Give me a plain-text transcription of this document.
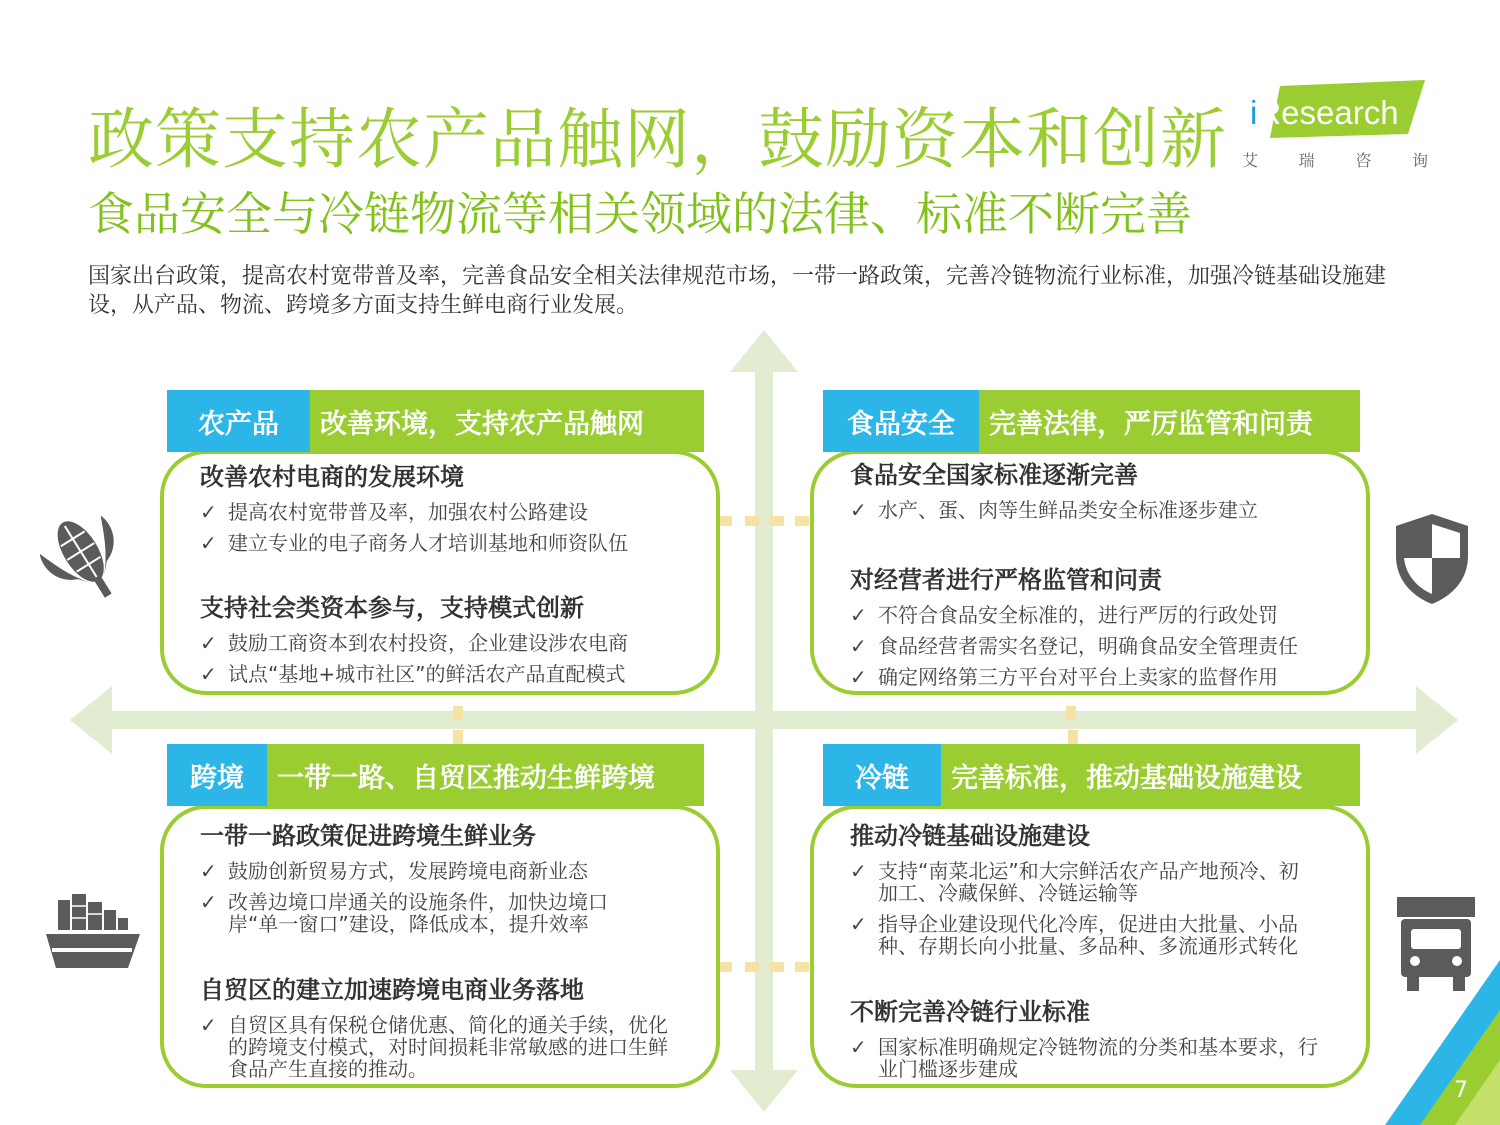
政策支持农产品触网，鼓励资本和创新
食品安全与冷链物流等相关领域的法律、标准不断完善
国家出台政策，提高农村宽带普及率，完善食品安全相关法律规范市场，一带一路政策，完善冷链物流行业标准，加强冷链基础设施建设，从产品、物流、跨境多方面支持生鲜电商行业发展。
iResearch
艾	瑞	咨	询
农产品	改善环境，支持农产品触网
改善农村电商的发展环境
✓ 提高农村宽带普及率，加强农村公路建设
✓ 建立专业的电子商务人才培训基地和师资队伍
支持社会类资本参与，支持模式创新
✓ 鼓励工商资本到农村投资，企业建设涉农电商
✓ 试点“基地+城市社区”的鲜活农产品直配模式
食品安全	完善法律，严厉监管和问责
食品安全国家标准逐渐完善
✓ 水产、蛋、肉等生鲜品类安全标准逐步建立
对经营者进行严格监管和问责
✓ 不符合食品安全标准的，进行严厉的行政处罚
✓ 食品经营者需实名登记，明确食品安全管理责任
✓ 确定网络第三方平台对平台上卖家的监督作用
跨境	一带一路、自贸区推动生鲜跨境
一带一路政策促进跨境生鲜业务
✓ 鼓励创新贸易方式，发展跨境电商新业态
✓ 改善边境口岸通关的设施条件，加快边境口岸“单一窗口”建设，降低成本，提升效率
自贸区的建立加速跨境电商业务落地
✓ 自贸区具有保税仓储优惠、简化的通关手续，优化的跨境支付模式，对时间损耗非常敏感的进口生鲜食品产生直接的推动。
冷链	完善标准，推动基础设施建设
推动冷链基础设施建设
✓ 支持“南菜北运”和大宗鲜活农产品产地预冷、初加工、冷藏保鲜、冷链运输等
✓ 指导企业建设现代化冷库，促进由大批量、小品种、存期长向小批量、多品种、多流通形式转化
不断完善冷链行业标准
✓ 国家标准明确规定冷链物流的分类和基本要求，行业门槛逐步建成
7
